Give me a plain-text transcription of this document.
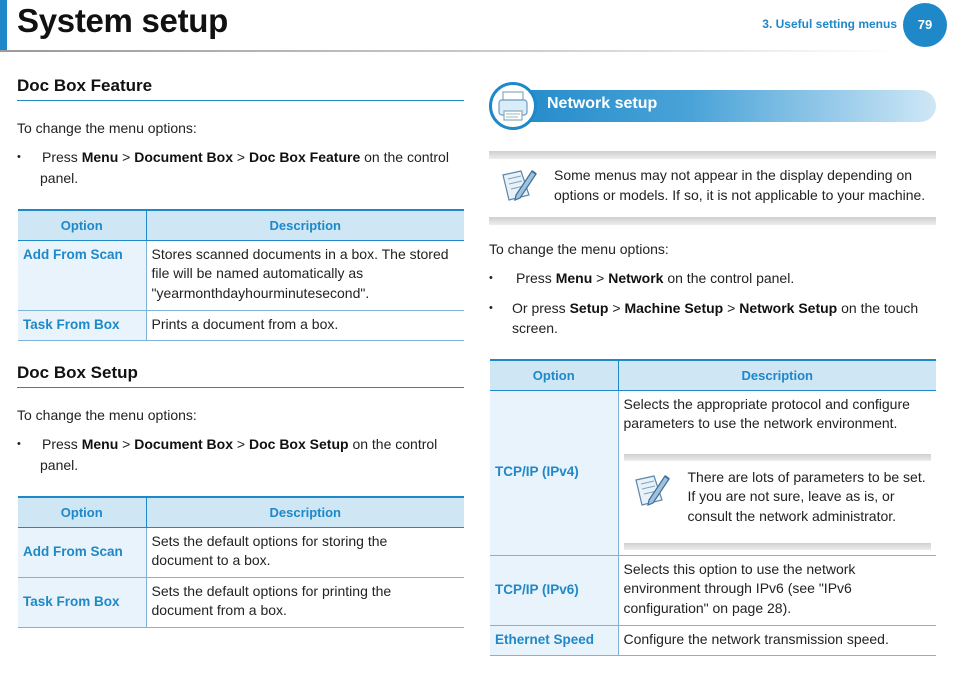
System setup	3. Useful setting menus	79
Doc Box Feature
To change the menu options:
• Press Menu > Document Box > Doc Box Feature on the control
panel.
Option	Description
Add From Scan	Stores scanned documents in a box. The stored
file will be named automatically as
"yearmonthdayhourminutesecond".

Task From Box	Prints a document from a box.
Doc Box Setup
To change the menu options:
• Press Menu > Document Box > Doc Box Setup on the control
panel.
Option	Description
Add From Scan	Sets the default options for storing the
document to a box.

Task From Box	Sets the default options for printing the
document from a box.
Network setup
Some menus may not appear in the display depending on
options or models. If so, it is not applicable to your machine.
To change the menu options:
• Press Menu > Network on the control panel.
• Or press Setup > Machine Setup > Network Setup on the touch
screen.
Option	Description
TCP/IP (IPv4)	Selects the appropriate protocol and configure
parameters to use the network environment.
There are lots of parameters to be set.
If you are not sure, leave as is, or
consult the network administrator.

TCP/IP (IPv6)	Selects this option to use the network
environment through IPv6 (see "IPv6
configuration" on page 28).

Ethernet Speed	Configure the network transmission speed.
